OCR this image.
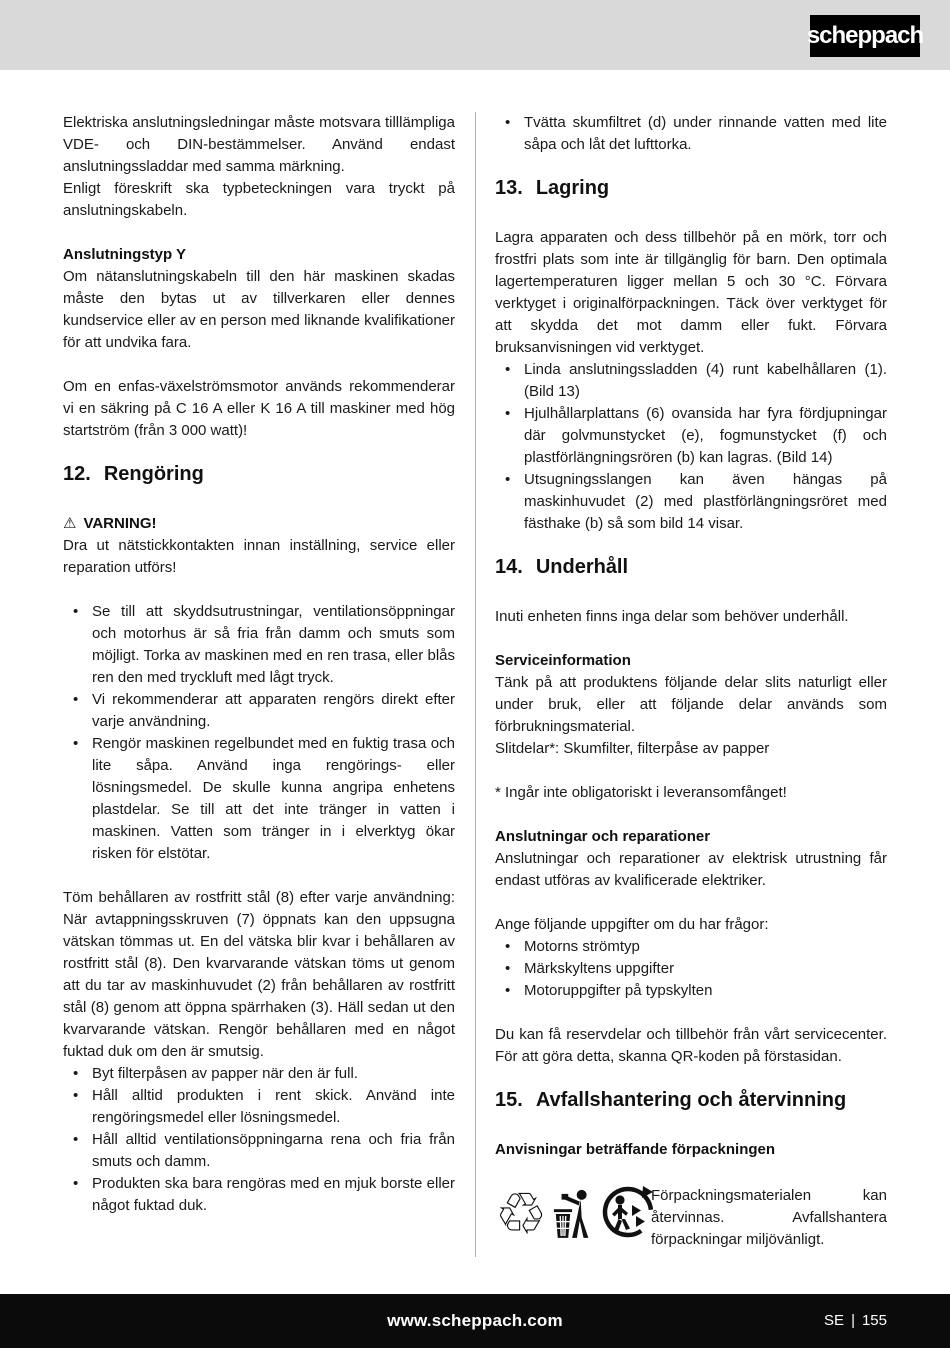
scheppach

Elektriska anslutningsledningar måste motsvara tilllämpliga VDE- och DIN-bestämmelser. Använd endast anslutningssladdar med samma märkning.

Enligt föreskrift ska typbeteckningen vara tryckt på anslutningskabeln.

Anslutningstyp Y

Om nätanslutningskabeln till den här maskinen skadas måste den bytas ut av tillverkaren eller dennes kundservice eller av en person med liknande kvalifikationer för att undvika fara.

Om en enfas-växelströmsmotor används rekommenderar vi en säkring på C 16 A eller K 16 A till maskiner med hög startström (från 3 000 watt)!

12. Rengöring
⚠ VARNING!

Dra ut nätstickkontakten innan inställning, service eller reparation utförs!

• Se till att skyddsutrustningar, ventilationsöppningar och motorhus är så fria från damm och smuts som möjligt. Torka av maskinen med en ren trasa, eller blås ren den med tryckluft med lågt tryck.
• Vi rekommenderar att apparaten rengörs direkt efter varje användning.
• Rengör maskinen regelbundet med en fuktig trasa och lite såpa. Använd inga rengörings- eller lösningsmedel. De skulle kunna angripa enhetens plastdelar. Se till att det inte tränger in vatten i maskinen. Vatten som tränger in i elverktyg ökar risken för elstötar.

Töm behållaren av rostfritt stål (8) efter varje användning: När avtappningsskruven (7) öppnats kan den uppsugna vätskan tömmas ut. En del vätska blir kvar i behållaren av rostfritt stål (8). Den kvarvarande vätskan töms ut genom att du tar av maskinhuvudet (2) från behållaren av rostfritt stål (8) genom att öppna spärrhaken (3). Häll sedan ut den kvarvarande vätskan. Rengör behållaren med en något fuktad duk om den är smutsig.

• Byt filterpåsen av papper när den är full.
• Håll alltid produkten i rent skick. Använd inte rengöringsmedel eller lösningsmedel.
• Håll alltid ventilationsöppningarna rena och fria från smuts och damm.
• Produkten ska bara rengöras med en mjuk borste eller något fuktad duk.
• Tvätta skumfiltret (d) under rinnande vatten med lite såpa och låt det lufttorka.
13. Lagring

Lagra apparaten och dess tillbehör på en mörk, torr och frostfri plats som inte är tillgänglig för barn. Den optimala lagertemperaturen ligger mellan 5 och 30 °C. Förvara verktyget i originalförpackningen. Täck över verktyget för att skydda det mot damm eller fukt. Förvara bruksanvisningen vid verktyget.

• Linda anslutningssladden (4) runt kabelhållaren (1). (Bild 13)
• Hjulhållarplattans (6) ovansida har fyra fördjupningar där golvmunstycket (e), fogmunstycket (f) och plastförlängningsrören (b) kan lagras. (Bild 14)
• Utsugningsslangen kan även hängas på maskinhuvudet (2) med plastförlängningsröret med fästhake (b) så som bild 14 visar.
14. Underhåll

Inuti enheten finns inga delar som behöver underhåll.

Serviceinformation

Tänk på att produktens följande delar slits naturligt eller under bruk, eller att följande delar används som förbrukningsmaterial.

Slitdelar*: Skumfilter, filterpåse av papper

* Ingår inte obligatoriskt i leveransomfånget!

Anslutningar och reparationer

Anslutningar och reparationer av elektrisk utrustning får endast utföras av kvalificerade elektriker.

Ange följande uppgifter om du har frågor:

• Motorns strömtyp
• Märkskyltens uppgifter
• Motoruppgifter på typskylten

Du kan få reservdelar och tillbehör från vårt servicecenter. För att göra detta, skanna QR-koden på förstasidan.

15. Avfallshantering och återvinning
Anvisningar beträffande förpackningen
♲	Förpackningsmaterialen kan återvinnas. Avfallshantera förpackningar miljövänligt.

www.scheppach.com	SE | 155
